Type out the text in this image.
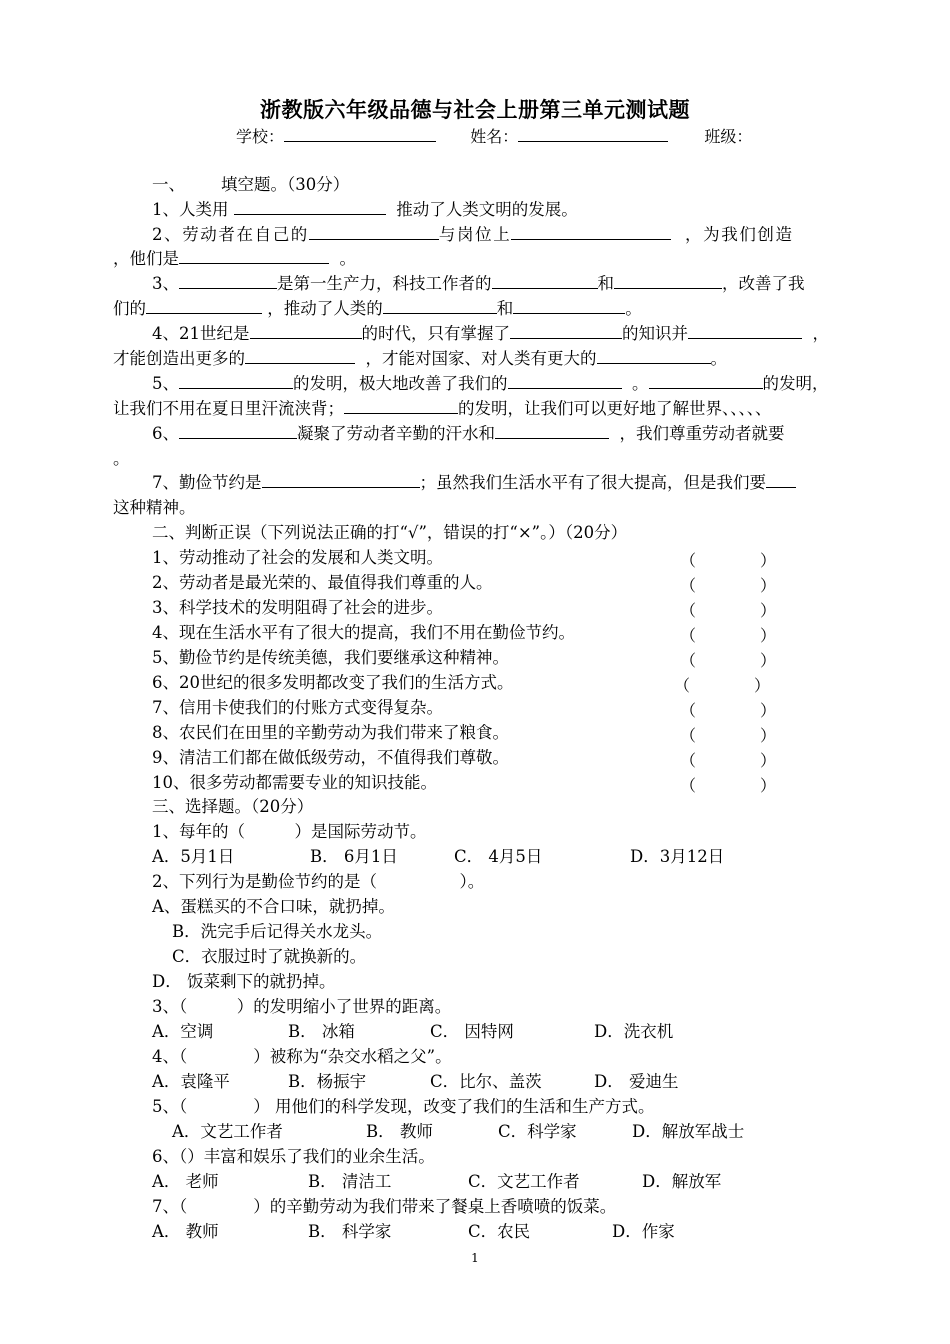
浙教版六年级品德与社会上册第三单元测试题
学校：	姓名：	班级：
一、 填空题。（30分）
1、人类用	推动了人类文明的发展。
2、劳动者在自己的	与岗位上	，为我们创造
，他们是	。
3、	是第一生产力，科技工作者的	和	，改善了我
们的	，推动了人类的	和	。
4、21世纪是	的时代，只有掌握了	的知识并	，
才能创造出更多的	，才能对国家、对人类有更大的	。
5、	的发明，极大地改善了我们的	。	的发明，
让我们不用在夏日里汗流浃背；	的发明，让我们可以更好地了解世界、、、、、
6、	凝聚了劳动者辛勤的汗水和	，我们尊重劳动者就要
。
7、勤俭节约是	；虽然我们生活水平有了很大提高，但是我们要
这种精神。
二、判断正误（下列说法正确的打“√”，错误的打“×”。）（20分）
1、劳动推动了社会的发展和人类文明。	（	）
2、劳动者是最光荣的、最值得我们尊重的人。	（	）
3、科学技术的发明阻碍了社会的进步。	（	）
4、现在生活水平有了很大的提高，我们不用在勤俭节约。	（	）
5、勤俭节约是传统美德，我们要继承这种精神。	（	）
6、20世纪的很多发明都改变了我们的生活方式。	（	）
7、信用卡使我们的付账方式变得复杂。	（	）
8、农民们在田里的辛勤劳动为我们带来了粮食。	（	）
9、清洁工们都在做低级劳动，不值得我们尊敬。	（	）
10、很多劳动都需要专业的知识技能。	（	）
三、选择题。（20分）
1、每年的（　　　）是国际劳动节。
A．5月1日	B． 6月1日	C． 4月5日	D．3月12日
2、下列行为是勤俭节约的是（　　　　　）。
A、蛋糕买的不合口味，就扔掉。
B．洗完手后记得关水龙头。
C．衣服过时了就换新的。
D． 饭菜剩下的就扔掉。
3、（　　　）的发明缩小了世界的距离。
A．空调	B． 冰箱	C． 因特网	D．洗衣机
4、（　　　　）被称为“杂交水稻之父”。
A．袁隆平	B．杨振宇	C．比尔、盖茨	D． 爱迪生
5、（　　　　） 用他们的科学发现，改变了我们的生活和生产方式。
A．文艺工作者	B． 教师	C．科学家	D．解放军战士
6、（）丰富和娱乐了我们的业余生活。
A． 老师	B． 清洁工	C．文艺工作者	D．解放军
7、（　　　　）的辛勤劳动为我们带来了餐桌上香喷喷的饭菜。
A． 教师	B． 科学家	C．农民	D．作家
1
